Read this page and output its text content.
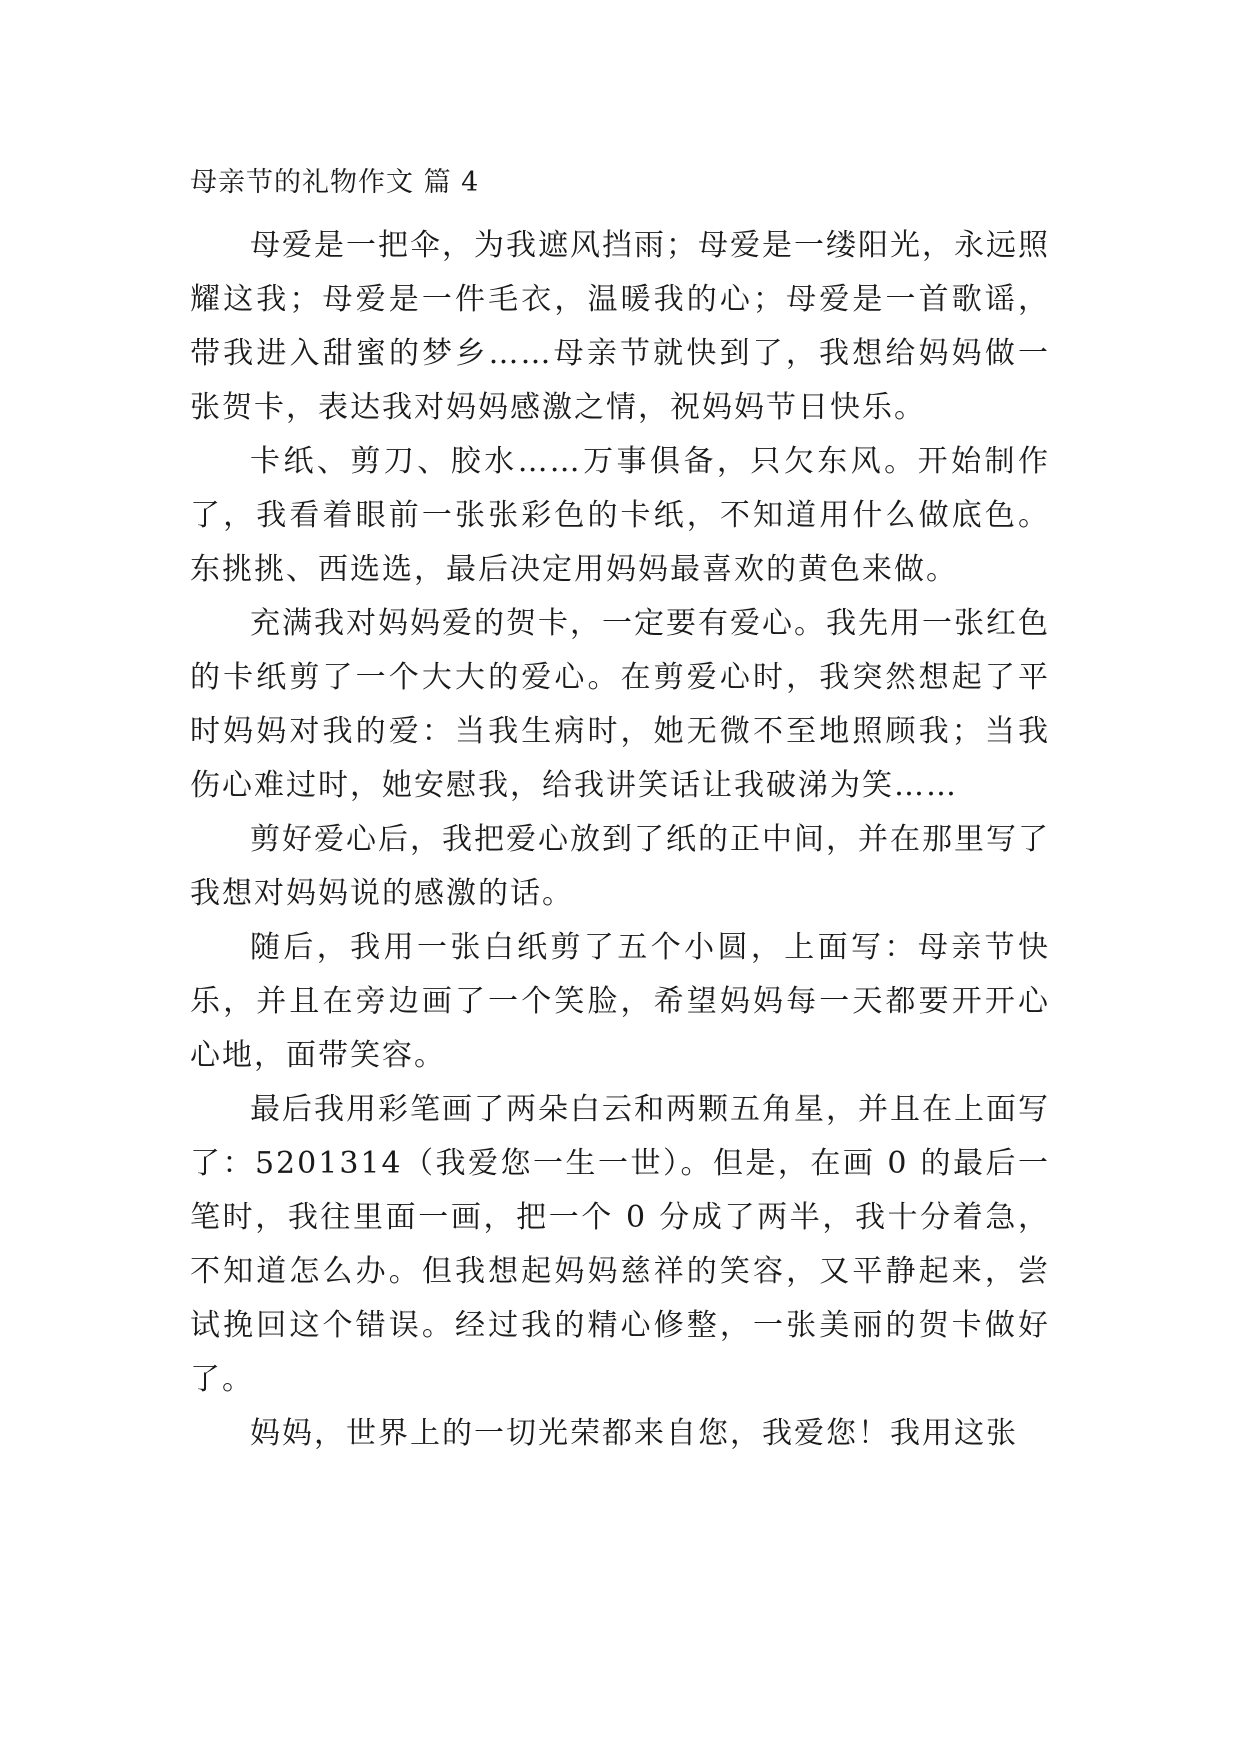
母亲节的礼物作文 篇 4

母爱是一把伞，为我遮风挡雨；母爱是一缕阳光，永远照耀这我；母爱是一件毛衣，温暖我的心；母爱是一首歌谣，带我进入甜蜜的梦乡……母亲节就快到了，我想给妈妈做一张贺卡，表达我对妈妈感激之情，祝妈妈节日快乐。

卡纸、剪刀、胶水……万事俱备，只欠东风。开始制作了，我看着眼前一张张彩色的卡纸，不知道用什么做底色。东挑挑、西选选，最后决定用妈妈最喜欢的黄色来做。

充满我对妈妈爱的贺卡，一定要有爱心。我先用一张红色的卡纸剪了一个大大的爱心。在剪爱心时，我突然想起了平时妈妈对我的爱：当我生病时，她无微不至地照顾我；当我伤心难过时，她安慰我，给我讲笑话让我破涕为笑……

剪好爱心后，我把爱心放到了纸的正中间，并在那里写了我想对妈妈说的感激的话。

随后，我用一张白纸剪了五个小圆，上面写：母亲节快乐，并且在旁边画了一个笑脸，希望妈妈每一天都要开开心心地，面带笑容。

最后我用彩笔画了两朵白云和两颗五角星，并且在上面写了：5201314（我爱您一生一世）。但是，在画 0 的最后一笔时，我往里面一画，把一个 0 分成了两半，我十分着急，不知道怎么办。但我想起妈妈慈祥的笑容，又平静起来，尝试挽回这个错误。经过我的精心修整，一张美丽的贺卡做好了。

妈妈，世界上的一切光荣都来自您，我爱您！我用这张
